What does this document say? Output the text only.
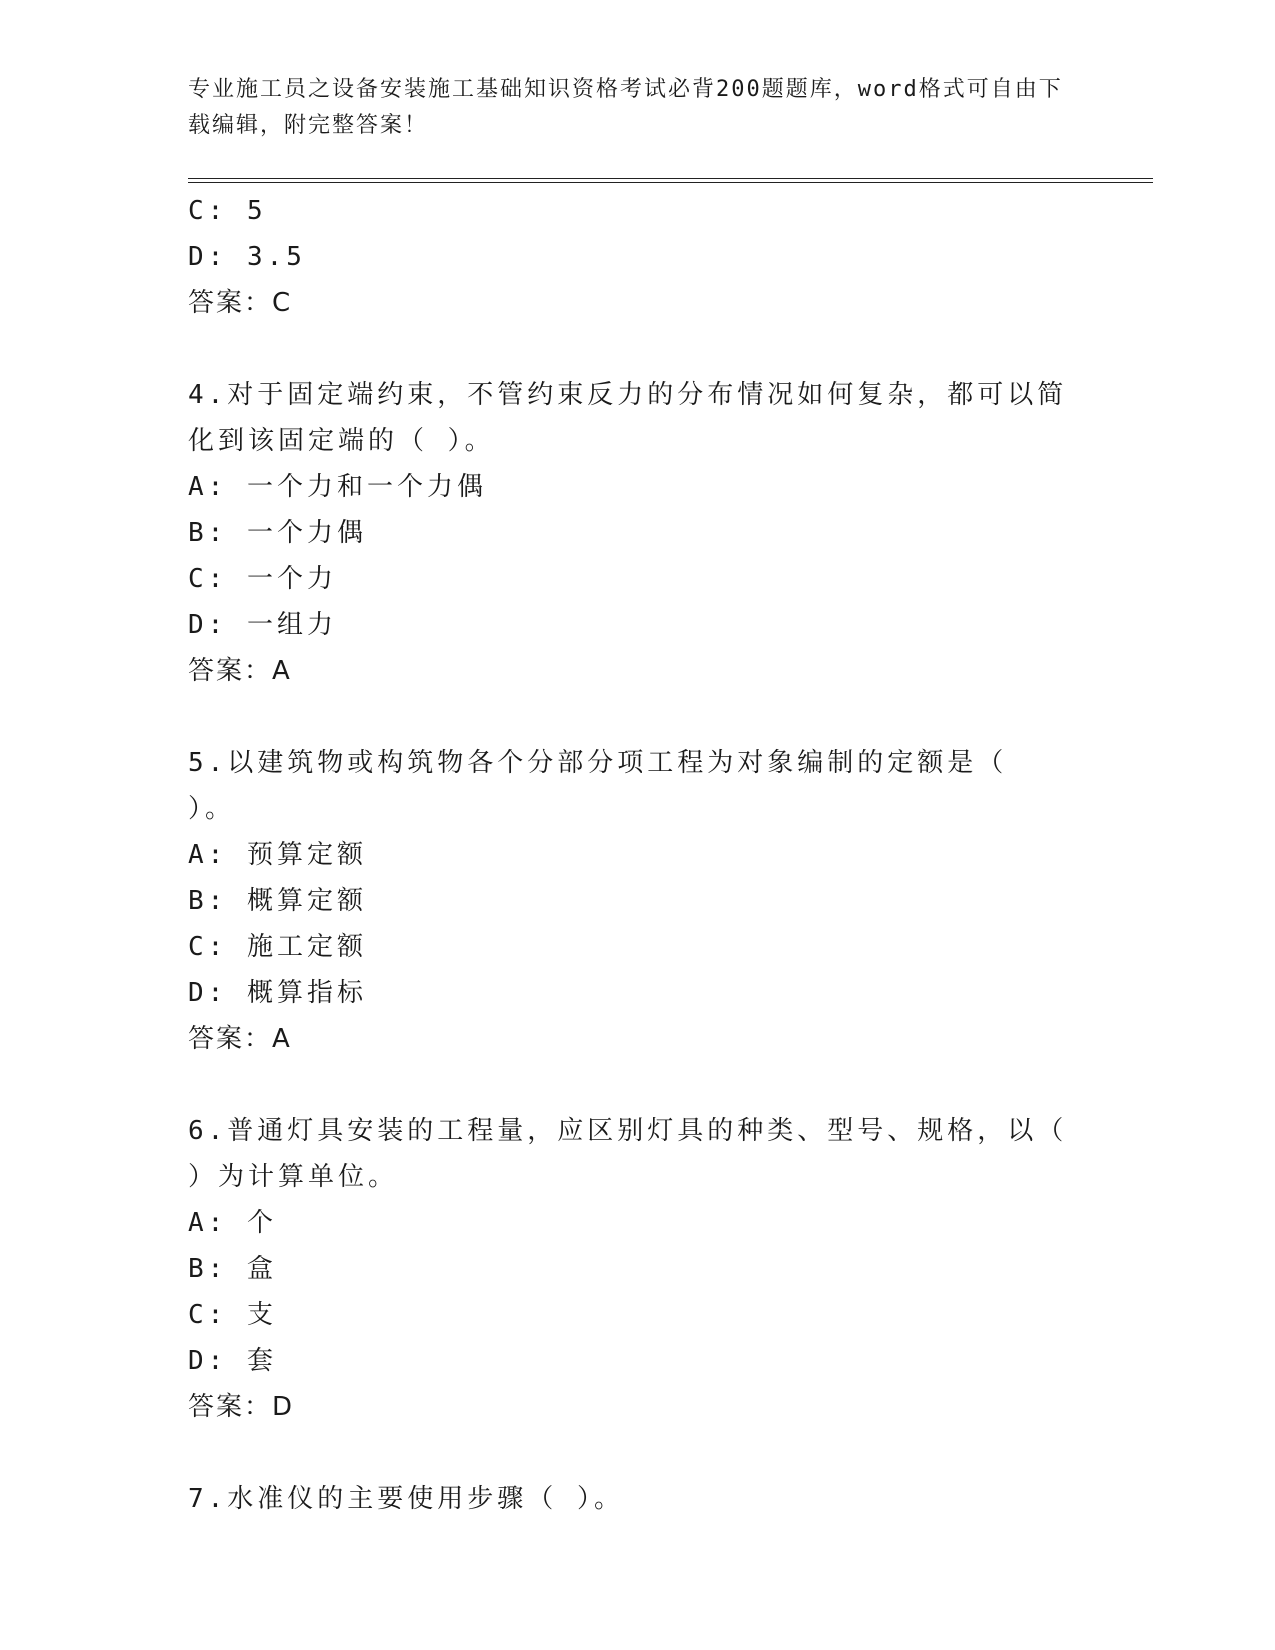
专业施工员之设备安装施工基础知识资格考试必背200题题库，word格式可自由下载编辑，附完整答案！
C: 5
D: 3.5
答案：C
4.对于固定端约束，不管约束反力的分布情况如何复杂，都可以简化到该固定端的（ ）。
A: 一个力和一个力偶
B: 一个力偶
C: 一个力
D: 一组力
答案：A
5.以建筑物或构筑物各个分部分项工程为对象编制的定额是（ ）。
A: 预算定额
B: 概算定额
C: 施工定额
D: 概算指标
答案：A
6.普通灯具安装的工程量，应区别灯具的种类、型号、规格，以（ ）为计算单位。
A: 个
B: 盒
C: 支
D: 套
答案：D
7.水准仪的主要使用步骤（ ）。
